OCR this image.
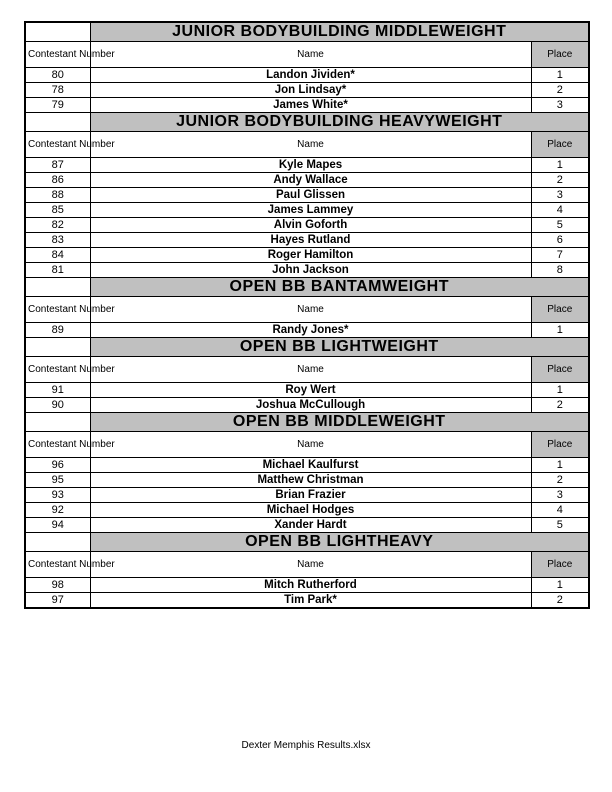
	JUNIOR BODYBUILDING MIDDLEWEIGHT	
Contestant Number	Name	Place
80	Landon Jividen*	1
78	Jon Lindsay*	2
79	James White*	3
	JUNIOR BODYBUILDING HEAVYWEIGHT	
Contestant Number	Name	Place
87	Kyle Mapes	1
86	Andy Wallace	2
88	Paul Glissen	3
85	James Lammey	4
82	Alvin Goforth	5
83	Hayes Rutland	6
84	Roger Hamilton	7
81	John Jackson	8
	OPEN BB BANTAMWEIGHT	
Contestant Number	Name	Place
89	Randy Jones*	1
	OPEN BB LIGHTWEIGHT	
Contestant Number	Name	Place
91	Roy Wert	1
90	Joshua McCullough	2
	OPEN BB MIDDLEWEIGHT	
Contestant Number	Name	Place
96	Michael Kaulfurst	1
95	Matthew Christman	2
93	Brian Frazier	3
92	Michael Hodges	4
94	Xander Hardt	5
	OPEN BB LIGHTHEAVY	
Contestant Number	Name	Place
98	Mitch Rutherford	1
97	Tim Park*	2
Dexter Memphis Results.xlsx
